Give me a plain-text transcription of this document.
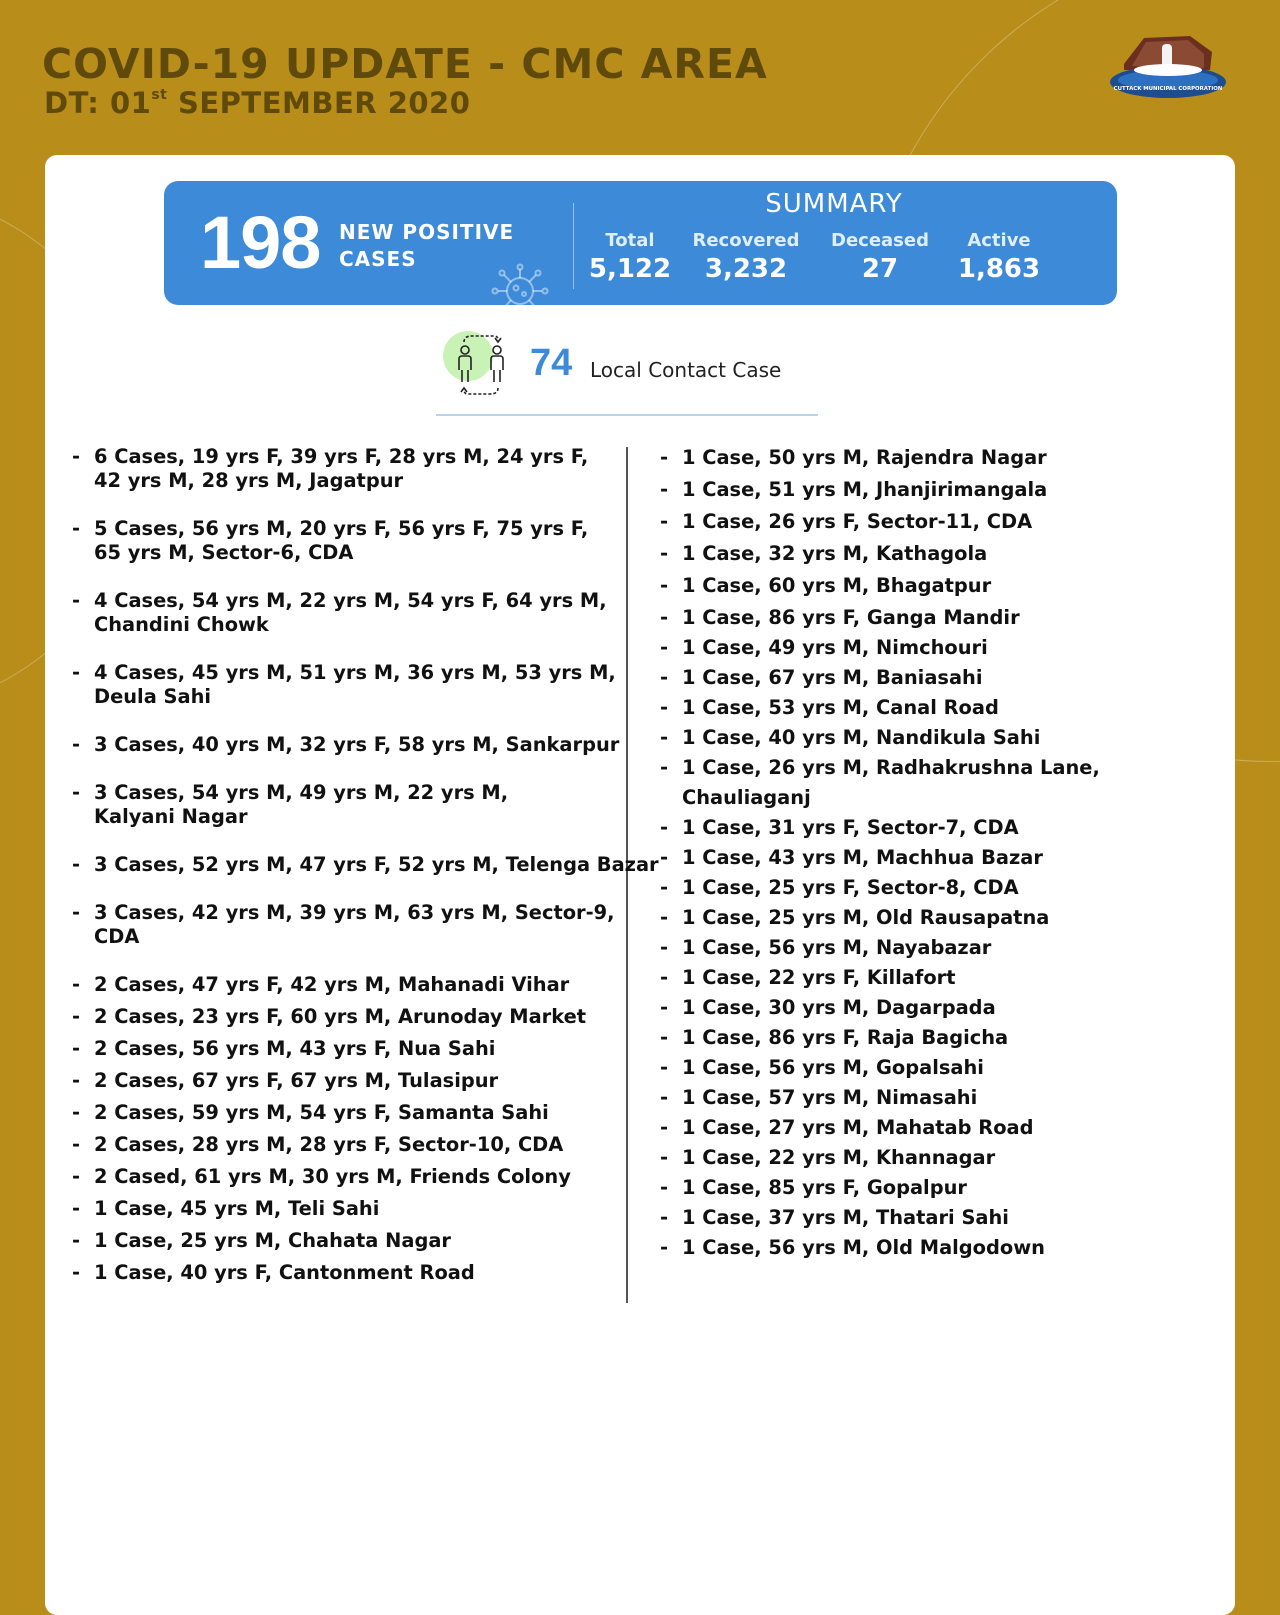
COVID-19 UPDATE - CMC AREA
DT: 01st SEPTEMBER 2020	CUTTACK MUNICIPAL CORPORATION
198 NEW POSITIVE CASES
SUMMARY
Total
5,122
Recovered
3,232
Deceased
27
Active
1,863
74 Local Contact Case
- 6 Cases, 19 yrs F, 39 yrs F, 28 yrs M, 24 yrs F,
42 yrs M, 28 yrs M, Jagatpur
- 5 Cases, 56 yrs M, 20 yrs F, 56 yrs F, 75 yrs F,
65 yrs M, Sector-6, CDA
- 4 Cases, 54 yrs M, 22 yrs M, 54 yrs F, 64 yrs M,
Chandini Chowk
- 4 Cases, 45 yrs M, 51 yrs M, 36 yrs M, 53 yrs M,
Deula Sahi
- 3 Cases, 40 yrs M, 32 yrs F, 58 yrs M, Sankarpur
- 3 Cases, 54 yrs M, 49 yrs M, 22 yrs M,
Kalyani Nagar
- 3 Cases, 52 yrs M, 47 yrs F, 52 yrs M, Telenga Bazar
- 3 Cases, 42 yrs M, 39 yrs M, 63 yrs M, Sector-9,
CDA
- 2 Cases, 47 yrs F, 42 yrs M, Mahanadi Vihar
- 2 Cases, 23 yrs F, 60 yrs M, Arunoday Market
- 2 Cases, 56 yrs M, 43 yrs F, Nua Sahi
- 2 Cases, 67 yrs F, 67 yrs M, Tulasipur
- 2 Cases, 59 yrs M, 54 yrs F, Samanta Sahi
- 2 Cases, 28 yrs M, 28 yrs F, Sector-10, CDA
- 2 Cased, 61 yrs M, 30 yrs M, Friends Colony
- 1 Case, 45 yrs M, Teli Sahi
- 1 Case, 25 yrs M, Chahata Nagar
- 1 Case, 40 yrs F, Cantonment Road
- 1 Case, 50 yrs M, Rajendra Nagar
- 1 Case, 51 yrs M, Jhanjirimangala
- 1 Case, 26 yrs F, Sector-11, CDA
- 1 Case, 32 yrs M, Kathagola
- 1 Case, 60 yrs M, Bhagatpur
- 1 Case, 86 yrs F, Ganga Mandir
- 1 Case, 49 yrs M, Nimchouri
- 1 Case, 67 yrs M, Baniasahi
- 1 Case, 53 yrs M, Canal Road
- 1 Case, 40 yrs M, Nandikula Sahi
- 1 Case, 26 yrs M, Radhakrushna Lane,
Chauliaganj
- 1 Case, 31 yrs F, Sector-7, CDA
- 1 Case, 43 yrs M, Machhua Bazar
- 1 Case, 25 yrs F, Sector-8, CDA
- 1 Case, 25 yrs M, Old Rausapatna
- 1 Case, 56 yrs M, Nayabazar
- 1 Case, 22 yrs F, Killafort
- 1 Case, 30 yrs M, Dagarpada
- 1 Case, 86 yrs F, Raja Bagicha
- 1 Case, 56 yrs M, Gopalsahi
- 1 Case, 57 yrs M, Nimasahi
- 1 Case, 27 yrs M, Mahatab Road
- 1 Case, 22 yrs M, Khannagar
- 1 Case, 85 yrs F, Gopalpur
- 1 Case, 37 yrs M, Thatari Sahi
- 1 Case, 56 yrs M, Old Malgodown
